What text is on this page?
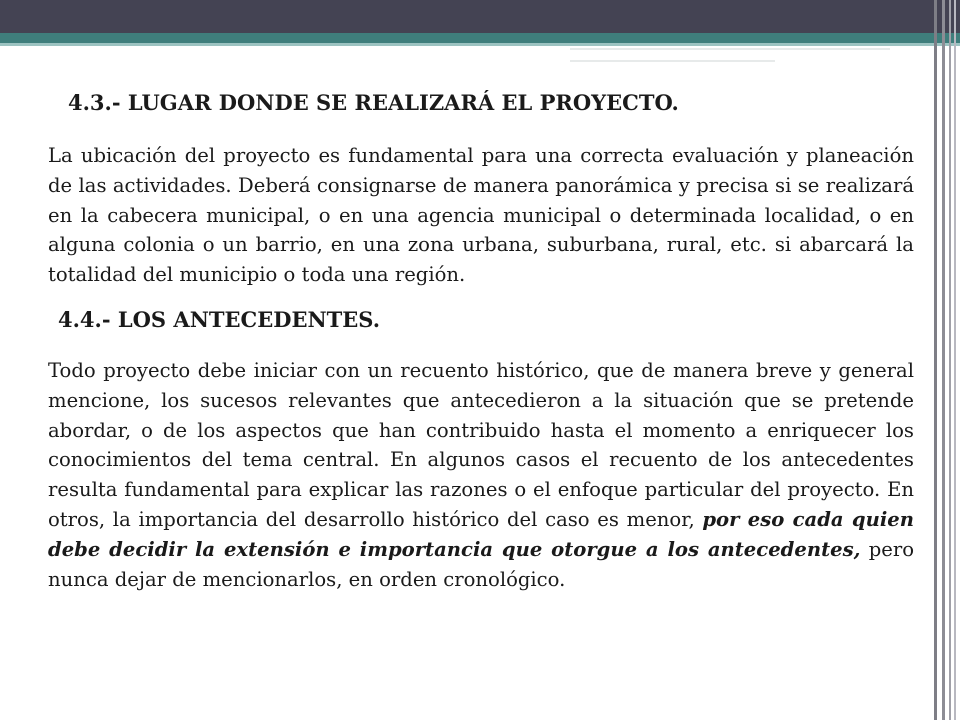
4.3.- LUGAR DONDE SE REALIZARÁ EL PROYECTO.

La ubicación del proyecto es fundamental para una correcta evaluación y planeación de las actividades. Deberá consignarse de manera panorámica y precisa si se realizará en la cabecera municipal, o en una agencia municipal o determinada localidad, o en alguna colonia o un barrio, en una zona urbana, suburbana, rural, etc. si abarcará la totalidad del municipio o toda una región.

4.4.- LOS ANTECEDENTES.

Todo proyecto debe iniciar con un recuento histórico, que de manera breve y general mencione, los sucesos relevantes que antecedieron a la situación que se pretende abordar, o de los aspectos que han contribuido hasta el momento a enriquecer los conocimientos del tema central. En algunos casos el recuento de los antecedentes resulta fundamental para explicar las razones o el enfoque particular del proyecto. En otros, la importancia del desarrollo histórico del caso es menor, por eso cada quien debe decidir la extensión e importancia que otorgue a los antecedentes, pero nunca dejar de mencionarlos, en orden cronológico.
